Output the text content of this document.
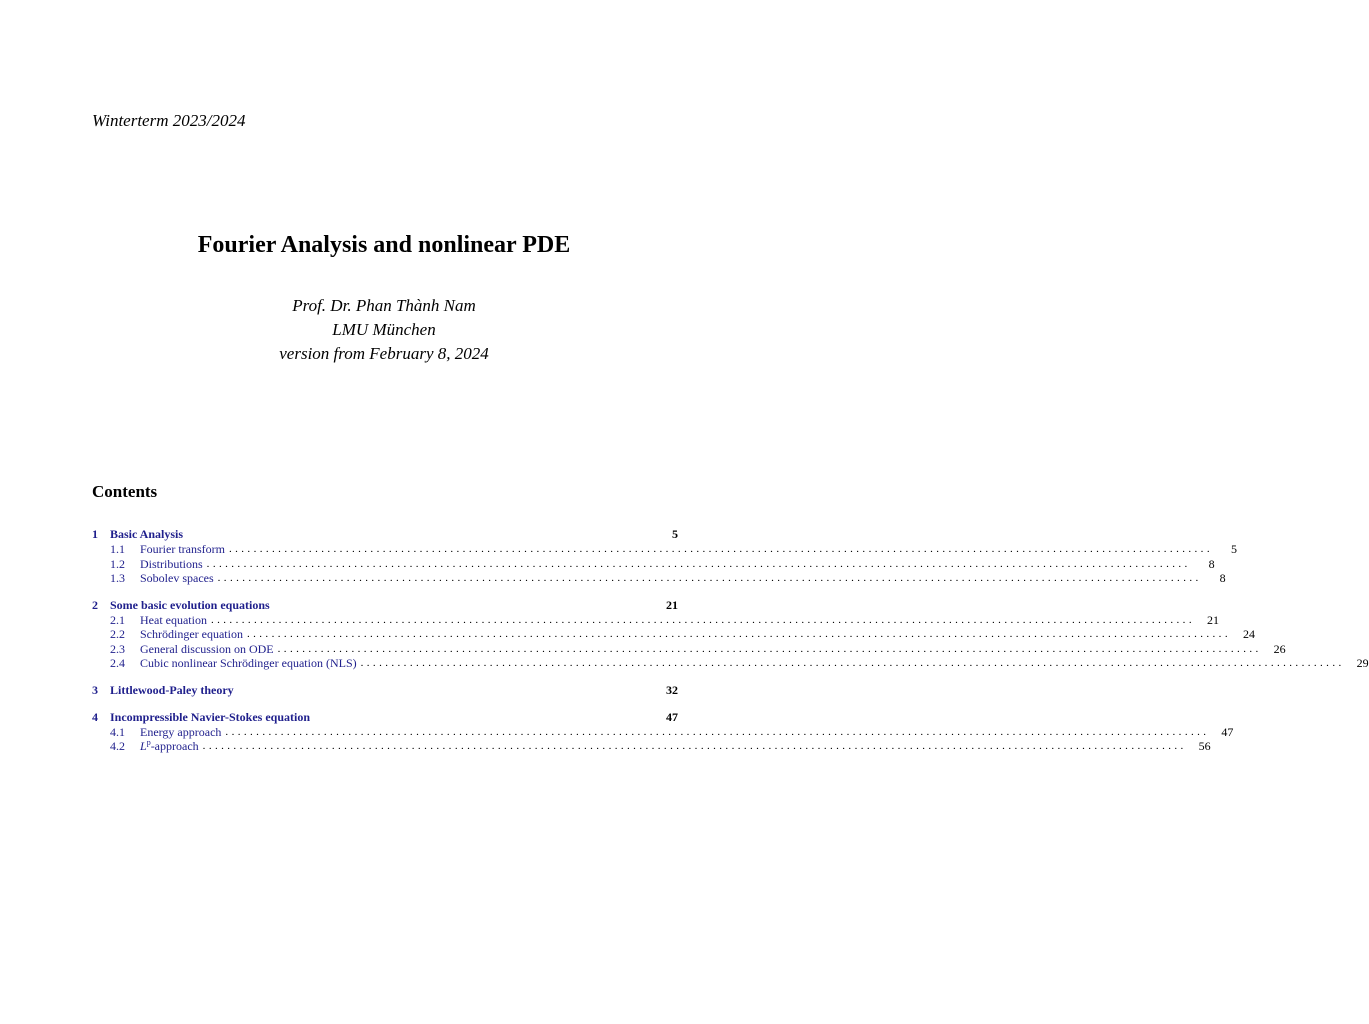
Winterterm 2023/2024
Fourier Analysis and nonlinear PDE
Prof. Dr. Phan Thành Nam
LMU München
version from February 8, 2024
Contents
1	Basic Analysis	5
1.1	Fourier transform ................................................................................................................................................................	5
1.2	Distributions ................................................................................................................................................................	8
1.3	Sobolev spaces ................................................................................................................................................................	8
2	Some basic evolution equations	21
2.1	Heat equation ................................................................................................................................................................	21
2.2	Schrödinger equation ................................................................................................................................................................	24
2.3	General discussion on ODE ................................................................................................................................................................	26
2.4	Cubic nonlinear Schrödinger equation (NLS) ................................................................................................................................................................	29
3	Littlewood-Paley theory	32
4	Incompressible Navier-Stokes equation	47
4.1	Energy approach ................................................................................................................................................................	47
4.2	$L^p$-approach ................................................................................................................................................................	56
